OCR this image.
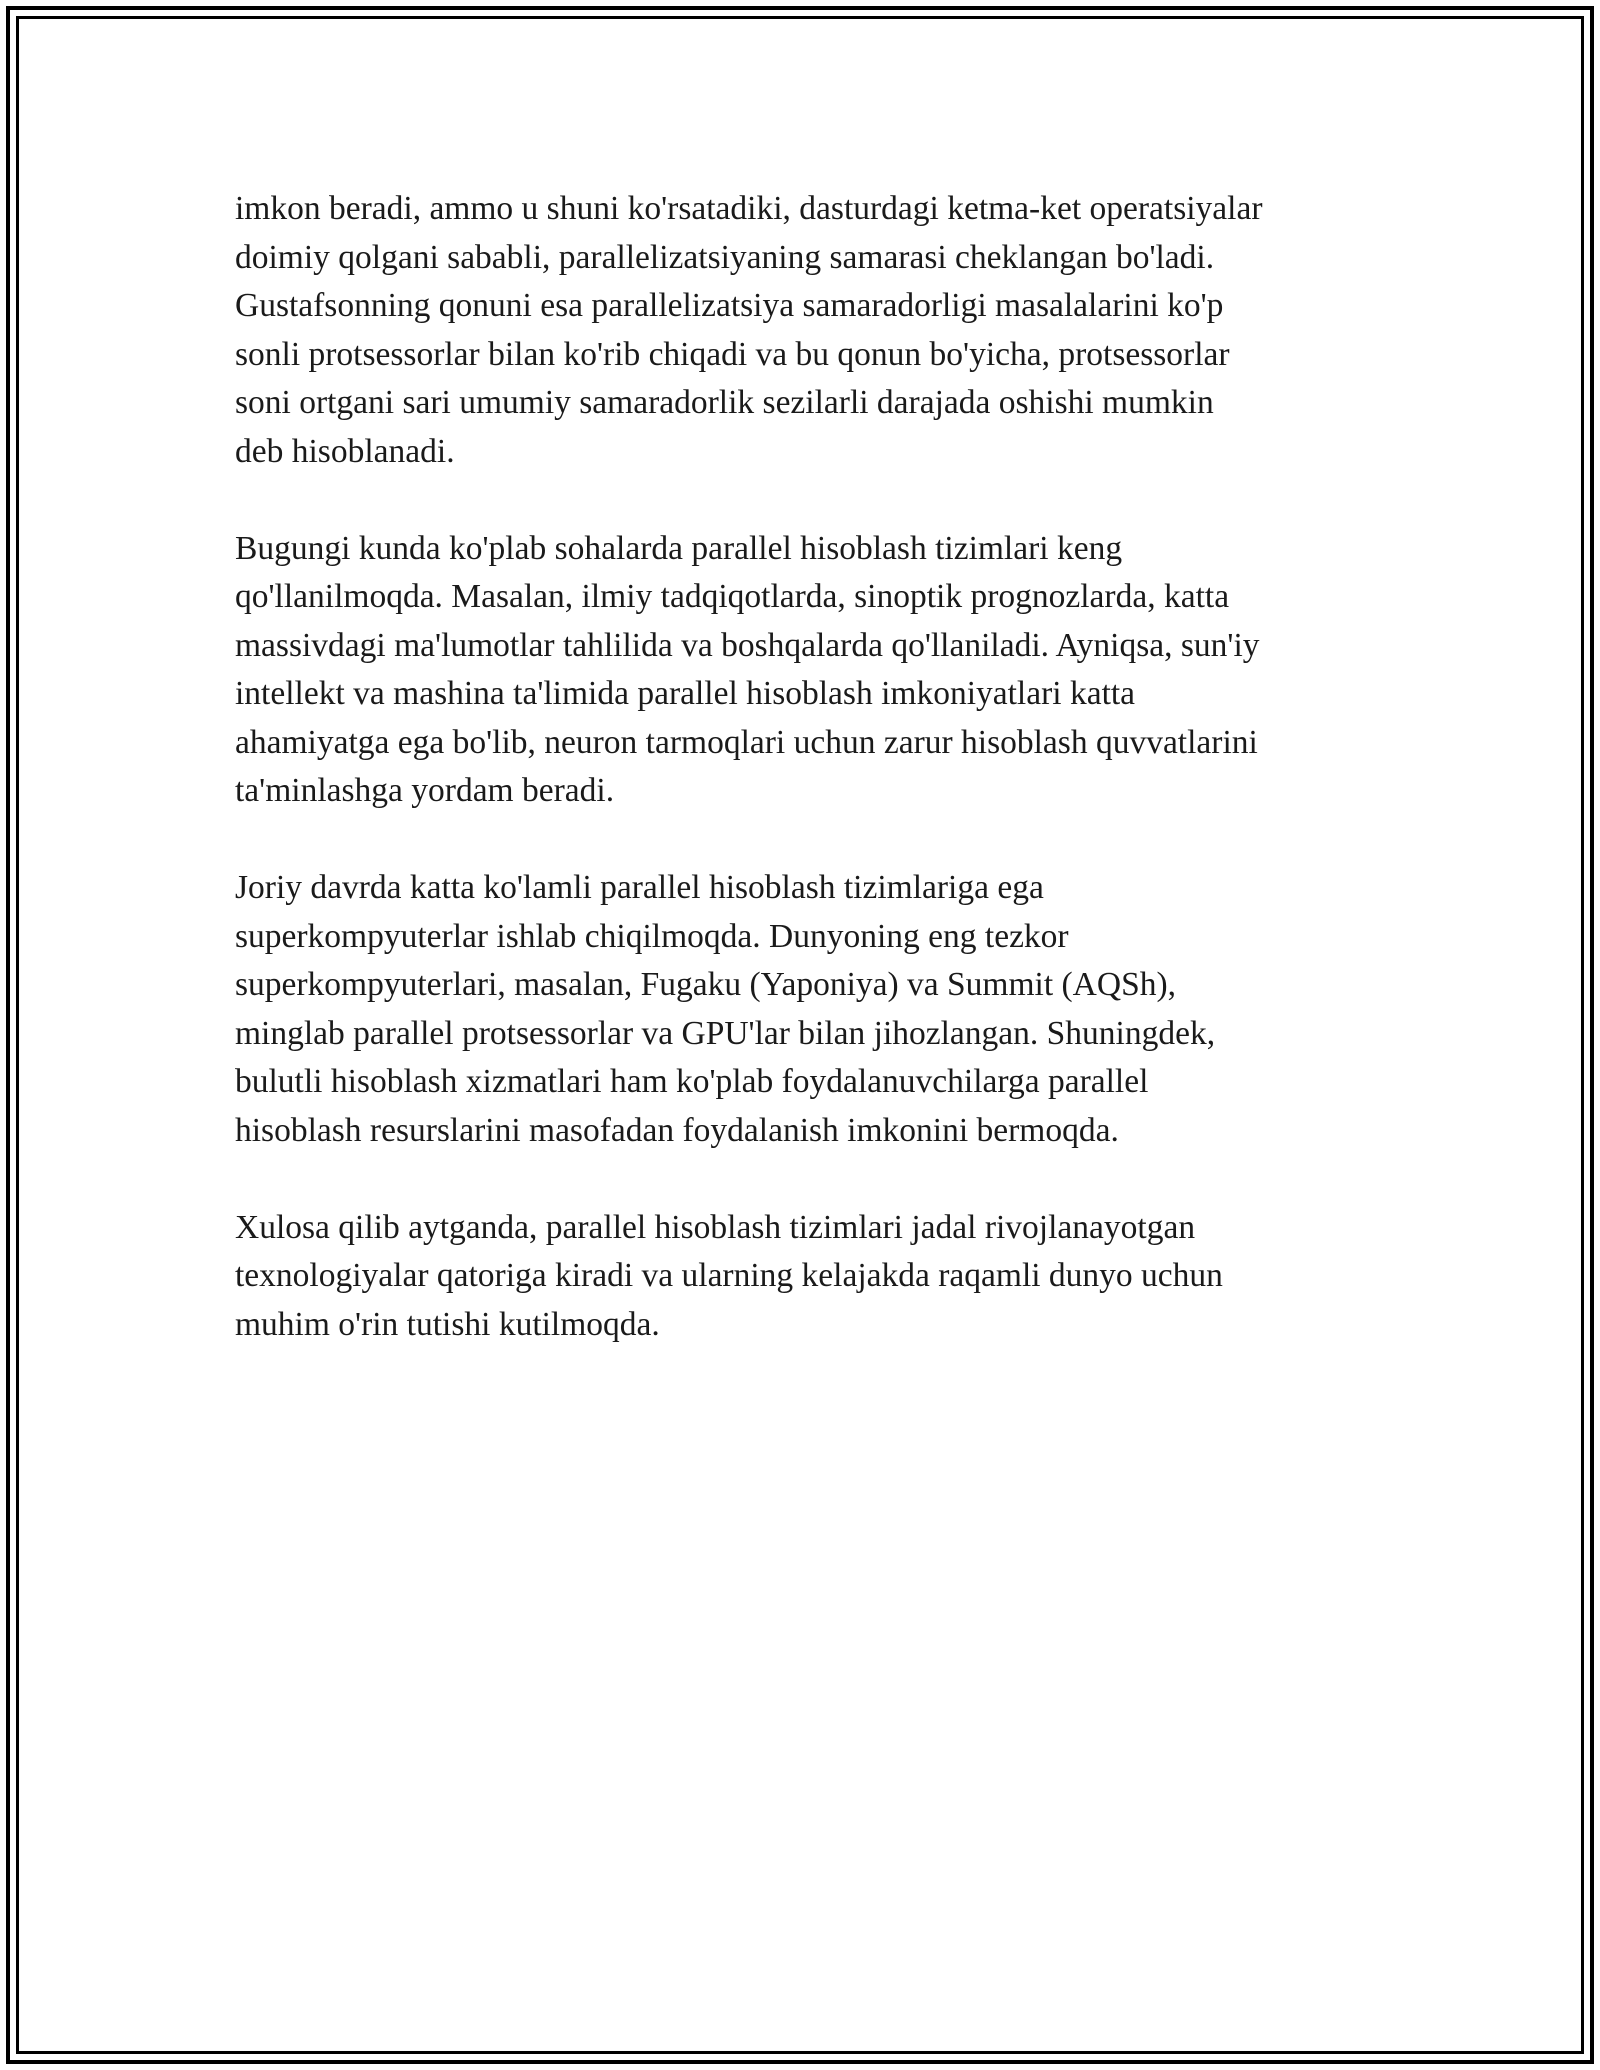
imkon beradi, ammo u shuni ko'rsatadiki, dasturdagi ketma-ket operatsiyalar
doimiy qolgani sababli, parallelizatsiyaning samarasi cheklangan bo'ladi.
Gustafsonning qonuni esa parallelizatsiya samaradorligi masalalarini ko'p
sonli protsessorlar bilan ko'rib chiqadi va bu qonun bo'yicha, protsessorlar
soni ortgani sari umumiy samaradorlik sezilarli darajada oshishi mumkin
deb hisoblanadi.

Bugungi kunda ko'plab sohalarda parallel hisoblash tizimlari keng
qo'llanilmoqda. Masalan, ilmiy tadqiqotlarda, sinoptik prognozlarda, katta
massivdagi ma'lumotlar tahlilida va boshqalarda qo'llaniladi. Ayniqsa, sun'iy
intellekt va mashina ta'limida parallel hisoblash imkoniyatlari katta
ahamiyatga ega bo'lib, neuron tarmoqlari uchun zarur hisoblash quvvatlarini
ta'minlashga yordam beradi.

Joriy davrda katta ko'lamli parallel hisoblash tizimlariga ega
superkompyuterlar ishlab chiqilmoqda. Dunyoning eng tezkor
superkompyuterlari, masalan, Fugaku (Yaponiya) va Summit (AQSh),
minglab parallel protsessorlar va GPU'lar bilan jihozlangan. Shuningdek,
bulutli hisoblash xizmatlari ham ko'plab foydalanuvchilarga parallel
hisoblash resurslarini masofadan foydalanish imkonini bermoqda.

Xulosa qilib aytganda, parallel hisoblash tizimlari jadal rivojlanayotgan
texnologiyalar qatoriga kiradi va ularning kelajakda raqamli dunyo uchun
muhim o'rin tutishi kutilmoqda.
